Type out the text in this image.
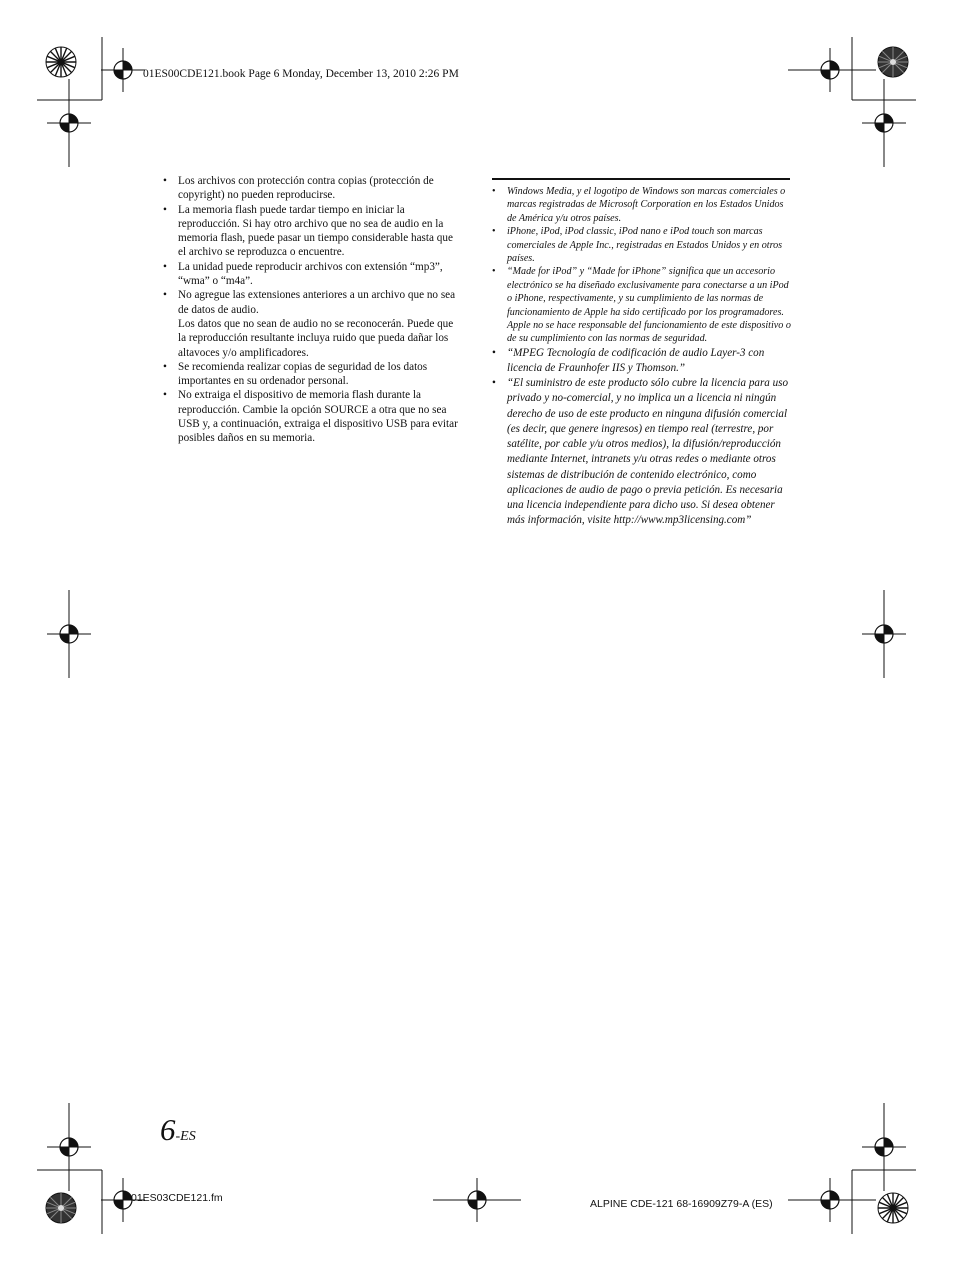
01ES00CDE121.book Page 6 Monday, December 13, 2010 2:26 PM
• Los archivos con protección contra copias (protección de copyright) no pueden reproducirse.
• La memoria flash puede tardar tiempo en iniciar la reproducción. Si hay otro archivo que no sea de audio en la memoria flash, puede pasar un tiempo considerable hasta que el archivo se reproduzca o encuentre.
• La unidad puede reproducir archivos con extensión “mp3”, “wma” o “m4a”.
• No agregue las extensiones anteriores a un archivo que no sea de datos de audio.
Los datos que no sean de audio no se reconocerán. Puede que la reproducción resultante incluya ruido que pueda dañar los altavoces y/o amplificadores.
• Se recomienda realizar copias de seguridad de los datos importantes en su ordenador personal.
• No extraiga el dispositivo de memoria flash durante la reproducción. Cambie la opción SOURCE a otra que no sea USB y, a continuación, extraiga el dispositivo USB para evitar posibles daños en su memoria.
• Windows Media, y el logotipo de Windows son marcas comerciales o marcas registradas de Microsoft Corporation en los Estados Unidos de América y/u otros países.
• iPhone, iPod, iPod classic, iPod nano e iPod touch son marcas comerciales de Apple Inc., registradas en Estados Unidos y en otros países.
• “Made for iPod” y “Made for iPhone” significa que un accesorio electrónico se ha diseñado exclusivamente para conectarse a un iPod o iPhone, respectivamente, y su cumplimiento de las normas de funcionamiento de Apple ha sido certificado por los programadores. Apple no se hace responsable del funcionamiento de este dispositivo o de su cumplimiento con las normas de seguridad.
• “MPEG Tecnología de codificación de audio Layer-3 con licencia de Fraunhofer IIS y Thomson.”
• “El suministro de este producto sólo cubre la licencia para uso privado y no-comercial, y no implica un a licencia ni ningún derecho de uso de este producto en ninguna difusión comercial (es decir, que genere ingresos) en tiempo real (terrestre, por satélite, por cable y/u otros medios), la difusión/reproducción mediante Internet, intranets y/u otras redes o mediante otros sistemas de distribución de contenido electrónico, como aplicaciones de audio de pago o previa petición. Es necesaria una licencia independiente para dicho uso. Si desea obtener más información, visite http://www.mp3licensing.com”
6-ES
01ES03CDE121.fm	ALPINE CDE-121 68-16909Z79-A (ES)
